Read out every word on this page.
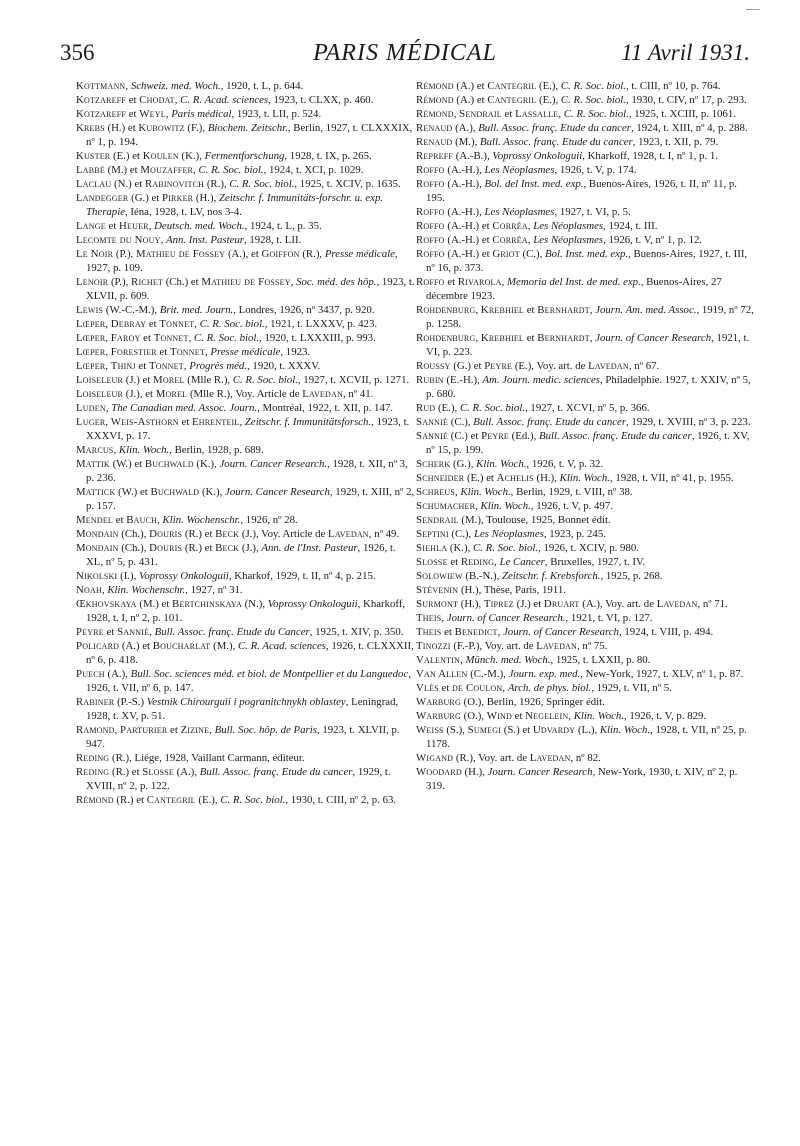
PARIS MÉDICAL
356	11 Avril 1931.

Kottmann, Schweiz. med. Woch., 1920, t. L, p. 644.

Kotzareff et Chodat, C. R. Acad. sciences, 1923, t. CLXX, p. 460.

Kotzareff et Weyl, Paris médical, 1923, t. LII, p. 524.

Krebs (H.) et Kubowitz (F.), Biochem. Zeitschr., Berlin, 1927, t. CLXXXIX, nº 1, p. 194.

Kuster (E.) et Koulen (K.), Fermentforschung, 1928, t. IX, p. 265.

Labbé (M.) et Mouzaffer, C. R. Soc. biol., 1924, t. XCI, p. 1029.

Laclau (N.) et Rabinovitch (R.), C. R. Soc. biol., 1925, t. XCIV, p. 1635.

Landegger (G.) et Pirker (H.), Zeitschr. f. Immunitäts-forschr. u. exp. Therapie, Iéna, 1928, t. LV, nos 3-4.

Lange et Heuer, Deutsch. med. Woch., 1924, t. L, p. 35.

Lecomte du Nouy, Ann. Inst. Pasteur, 1928, t. LII.

Le Noir (P.), Mathieu de Fossey (A.), et Goiffon (R.), Presse médicale, 1927, p. 109.

Lenoir (P.), Richet (Ch.) et Mathieu de Fossey, Soc. méd. des hôp., 1923, t. XLVII, p. 609.

Lewis (W.-C.-M.), Brit. med. Journ., Londres, 1926, nº 3437, p. 920.

Lœper, Debray et Tonnet, C. R. Soc. biol., 1921, t. LXXXV, p. 423.

Lœper, Faroy et Tonnet, C. R. Soc. biol., 1920, t. LXXXIII, p. 993.

Lœper, Forestier et Tonnet, Presse médicale, 1923.

Lœper, Thinj et Tonnet, Progrès méd., 1920, t. XXXV.

Loiseleur (J.) et Morel (Mlle R.), C. R. Soc. biol., 1927, t. XCVII, p. 1271.

Loiseleur (J.), et Morel (Mlle R.), Voy. Article de Lavedan, nº 41.

Luden, The Canadian med. Assoc. Journ., Montréal, 1922, t. XII, p. 147.

Luger, Weis-Asthorn et Ehrenteil, Zeitschr. f. Immunitätsforsch., 1923, t. XXXVI, p. 17.

Marcus, Klin. Woch., Berlin, 1928, p. 689.

Mattik (W.) et Buchwald (K.), Journ. Cancer Research., 1928, t. XII, nº 3, p. 236.

Mattick (W.) et Buchwald (K.), Journ. Cancer Research, 1929, t. XIII, nº 2, p. 157.

Mendel et Bauch, Klin. Wochenschr., 1926, nº 28.

Mondain (Ch.), Douris (R.) et Beck (J.), Voy. Article de Lavedan, nº 49.

Mondain (Ch.), Douris (R.) et Beck (J.), Ann. de l'Inst. Pasteur, 1926, t. XL, nº 5, p. 431.

Nikolski (I.), Voprossy Onkologuii, Kharkof, 1929, t. II, nº 4, p. 215.

Noah, Klin. Wochenschr., 1927, nº 31.

Œkhovskaya (M.) et Bertchinskaya (N.), Voprossy Onkologuii, Kharkoff, 1928, t. I, nº 2, p. 101.

Peyre et Sannié, Bull. Assoc. franç. Etude du Cancer, 1925, t. XIV, p. 350.

Policard (A.) et Boucharlat (M.), C. R. Acad. sciences, 1926, t. CLXXXII, nº 6, p. 418.

Puech (A.), Bull. Soc. sciences méd. et biol. de Montpellier et du Languedoc, 1926, t. VII, nº 6, p. 147.

Rabiner (P.-S.) Vestnik Chirourguii i pogranitchnykh oblastey, Leningrad, 1928, t. XV, p. 51.

Ramond, Parturier et Zizine, Bull. Soc. hôp. de Paris, 1923, t. XLVII, p. 947.

Reding (R.), Liége, 1928, Vaillant Carmann, éditeur.

Reding (R.) et Slosse (A.), Bull. Assoc. franç. Etude du cancer, 1929, t. XVIII, nº 2, p. 122.

Rémond (R.) et Cantegril (E.), C. R. Soc. biol., 1930, t. CIII, nº 2, p. 63.

Rémond (A.) et Cantegril (E.), C. R. Soc. biol., t. CIII, nº 10, p. 764.

Rémond (A.) et Cantegril (E.), C. R. Soc. biol., 1930, t. CIV, nº 17, p. 293.

Rémond, Sendrail et Lassalle, C. R. Soc. biol., 1925, t. XCIII, p. 1061.

Renaud (A.), Bull. Assoc. franç. Etude du cancer, 1924, t. XIII, nº 4, p. 288.

Renaud (M.), Bull. Assoc. franç. Etude du cancer, 1923, t. XII, p. 79.

Repreff (A.-B.), Voprossy Onkologuii, Kharkoff, 1928, t. I, nº 1, p. 1.

Roffo (A.-H.), Les Néoplasmes, 1926, t. V, p. 174.

Roffo (A.-H.), Bol. del Inst. med. exp., Buenos-Aires, 1926, t. II, nº 11, p. 195.

Roffo (A.-H.), Les Néoplasmes, 1927, t. VI, p. 5.

Roffo (A.-H.) et Corréa, Les Néoplasmes, 1924, t. III.

Roffo (A.-H.) et Corréa, Les Néoplasmes, 1926, t. V, nº 1, p. 12.

Roffo (A.-H.) et Griot (C.), Bol. Inst. med. exp., Buenos-Aires, 1927, t. III, nº 16, p. 373.

Roffo et Rivarola, Memoria del Inst. de med. exp., Buenos-Aires, 27 décembre 1923.

Rohdenburg, Krebhiel et Bernhardt, Journ. Am. med. Assoc., 1919, nº 72, p. 1258.

Rohdenburg, Krebhiel et Bernhardt, Journ. of Cancer Research, 1921, t. VI, p. 223.

Roussy (G.) et Peyre (E.), Voy. art. de Lavedan, nº 67.

Rubin (E.-H.), Am. Journ. medic. sciences, Philadelphie. 1927, t. XXIV, nº 5, p. 680.

Rud (E.), C. R. Soc. biol., 1927, t. XCVI, nº 5, p. 366.

Sannié (C.), Bull. Assoc. franç. Etude du cancer, 1929, t. XVIII, nº 3, p. 223.

Sannié (C.) et Peyre (Ed.), Bull. Assoc. franç. Etude du cancer, 1926, t. XV, nº 15, p. 199.

Scherk (G.), Klin. Woch., 1926, t. V, p. 32.

Schneider (E.) et Achelis (H.), Klin. Woch., 1928, t. VII, nº 41, p. 1955.

Schreus, Klin. Woch., Berlin, 1929, t. VIII, nº 38.

Schumacher, Klin. Woch., 1926, t. V, p. 497.

Sendrail (M.), Toulouse, 1925, Bonnet édit.

Septini (C.), Les Néoplasmes, 1923, p. 245.

Siehla (K.), C. R. Soc. biol., 1926, t. XCIV, p. 980.

Slosse et Reding, Le Cancer, Bruxelles, 1927, t. IV.

Solowiew (B.-N.), Zeitschr. f. Krebsforch., 1925, p. 268.

Stévenin (H.), Thèse, Paris, 1911.

Surmont (H.), Tiprez (J.) et Druart (A.), Voy. art. de Lavedan, nº 71.

Theis, Journ. of Cancer Research., 1921, t. VI, p. 127.

Theis et Benedict, Journ. of Cancer Research, 1924, t. VIII, p. 494.

Tinozzi (F.-P.), Voy. art. de Lavedan, nº 75.

Valentin, Münch. med. Woch., 1925, t. LXXII, p. 80.

Van Allen (C.-M.), Journ. exp. med., New-York, 1927, t. XLV, nº 1, p. 87.

Vlès et de Coulon, Arch. de phys. biol., 1929, t. VII, nº 5.

Warburg (O.), Berlin, 1926, Springer édit.

Warburg (O.), Wind et Negelein, Klin. Woch., 1926, t. V, p. 829.

Weiss (S.), Sumegi (S.) et Udvardy (L.), Klin. Woch., 1928, t. VII, nº 25, p. 1178.

Wigand (R.), Voy. art. de Lavedan, nº 82.

Woodard (H.), Journ. Cancer Research, New-York, 1930, t. XIV, nº 2, p. 319.
